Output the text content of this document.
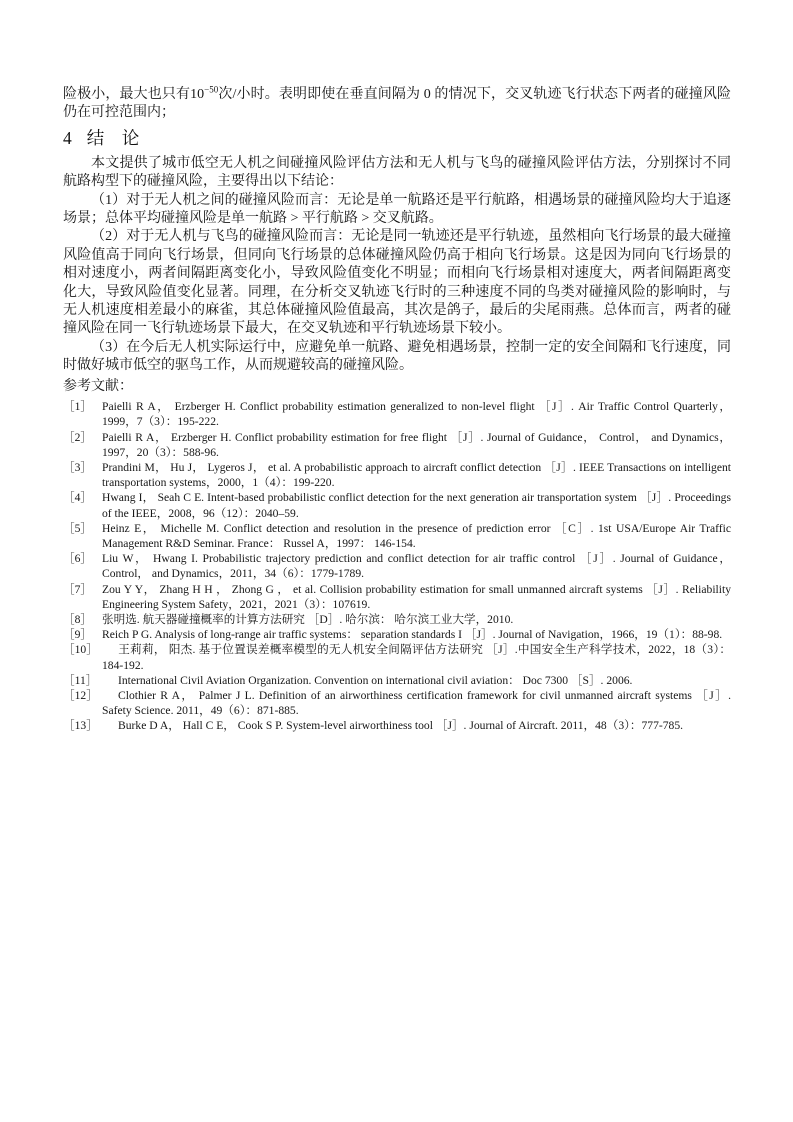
险极小，最大也只有$10^{-50}$次/小时。表明即使在垂直间隔为 0 的情况下，交叉轨迹飞行状态下两者的碰撞风险仍在可控范围内；

4 结　论

本文提供了城市低空无人机之间碰撞风险评估方法和无人机与飞鸟的碰撞风险评估方法，分别探讨不同航路构型下的碰撞风险，主要得出以下结论：

（1）对于无人机之间的碰撞风险而言：无论是单一航路还是平行航路，相遇场景的碰撞风险均大于追逐场景；总体平均碰撞风险是单一航路 > 平行航路 > 交叉航路。

（2）对于无人机与飞鸟的碰撞风险而言：无论是同一轨迹还是平行轨迹，虽然相向飞行场景的最大碰撞风险值高于同向飞行场景，但同向飞行场景的总体碰撞风险仍高于相向飞行场景。这是因为同向飞行场景的相对速度小，两者间隔距离变化小，导致风险值变化不明显；而相向飞行场景相对速度大，两者间隔距离变化大，导致风险值变化显著。同理，在分析交叉轨迹飞行时的三种速度不同的鸟类对碰撞风险的影响时，与无人机速度相差最小的麻雀，其总体碰撞风险值最高，其次是鸽子，最后的尖尾雨燕。总体而言，两者的碰撞风险在同一飞行轨迹场景下最大，在交叉轨迹和平行轨迹场景下较小。

（3）在今后无人机实际运行中，应避免单一航路、避免相遇场景，控制一定的安全间隔和飞行速度，同时做好城市低空的驱鸟工作，从而规避较高的碰撞风险。

参考文献：

［1］ Paielli R A， Erzberger H. Conflict probability estimation generalized to non-level flight ［J］. Air Traffic Control Quarterly，1999，7（3）：195-222.
［2］ Paielli R A， Erzberger H. Conflict probability estimation for free flight ［J］. Journal of Guidance， Control， and Dynamics，1997，20（3）：588-96.
［3］ Prandini M， Hu J， Lygeros J， et al. A probabilistic approach to aircraft conflict detection ［J］. IEEE Transactions on intelligent transportation systems，2000，1（4）：199-220.
［4］ Hwang I， Seah C E. Intent-based probabilistic conflict detection for the next generation air transportation system ［J］. Proceedings of the IEEE，2008，96（12）：2040–59.
［5］ Heinz E， Michelle M. Conflict detection and resolution in the presence of prediction error ［C］. 1st USA/Europe Air Traffic Management R&D Seminar. France： Russel A，1997： 146-154.
［6］ Liu W， Hwang I. Probabilistic trajectory prediction and conflict detection for air traffic control ［J］. Journal of Guidance， Control， and Dynamics，2011，34（6）：1779-1789.
［7］ Zou Y Y， Zhang H H ， Zhong G ， et al. Collision probability estimation for small unmanned aircraft systems ［J］. Reliability Engineering System Safety，2021，2021（3）：107619.
［8］ 张明选. 航天器碰撞概率的计算方法研究 ［D］. 哈尔滨： 哈尔滨工业大学，2010.
［9］ Reich P G. Analysis of long-range air traffic systems： separation standards I ［J］. Journal of Navigation，1966，19（1）：88-98.
［10］ 王莉莉， 阳杰. 基于位置误差概率模型的无人机安全间隔评估方法研究 ［J］.中国安全生产科学技术，2022，18（3）：184-192.
［11］ International Civil Aviation Organization. Convention on international civil aviation： Doc 7300 ［S］. 2006.
［12］ Clothier R A， Palmer J L. Definition of an airworthiness certification framework for civil unmanned aircraft systems ［J］. Safety Science. 2011，49（6）：871-885.
［13］ Burke D A， Hall C E， Cook S P. System-level airworthiness tool ［J］. Journal of Aircraft. 2011，48（3）：777-785.
